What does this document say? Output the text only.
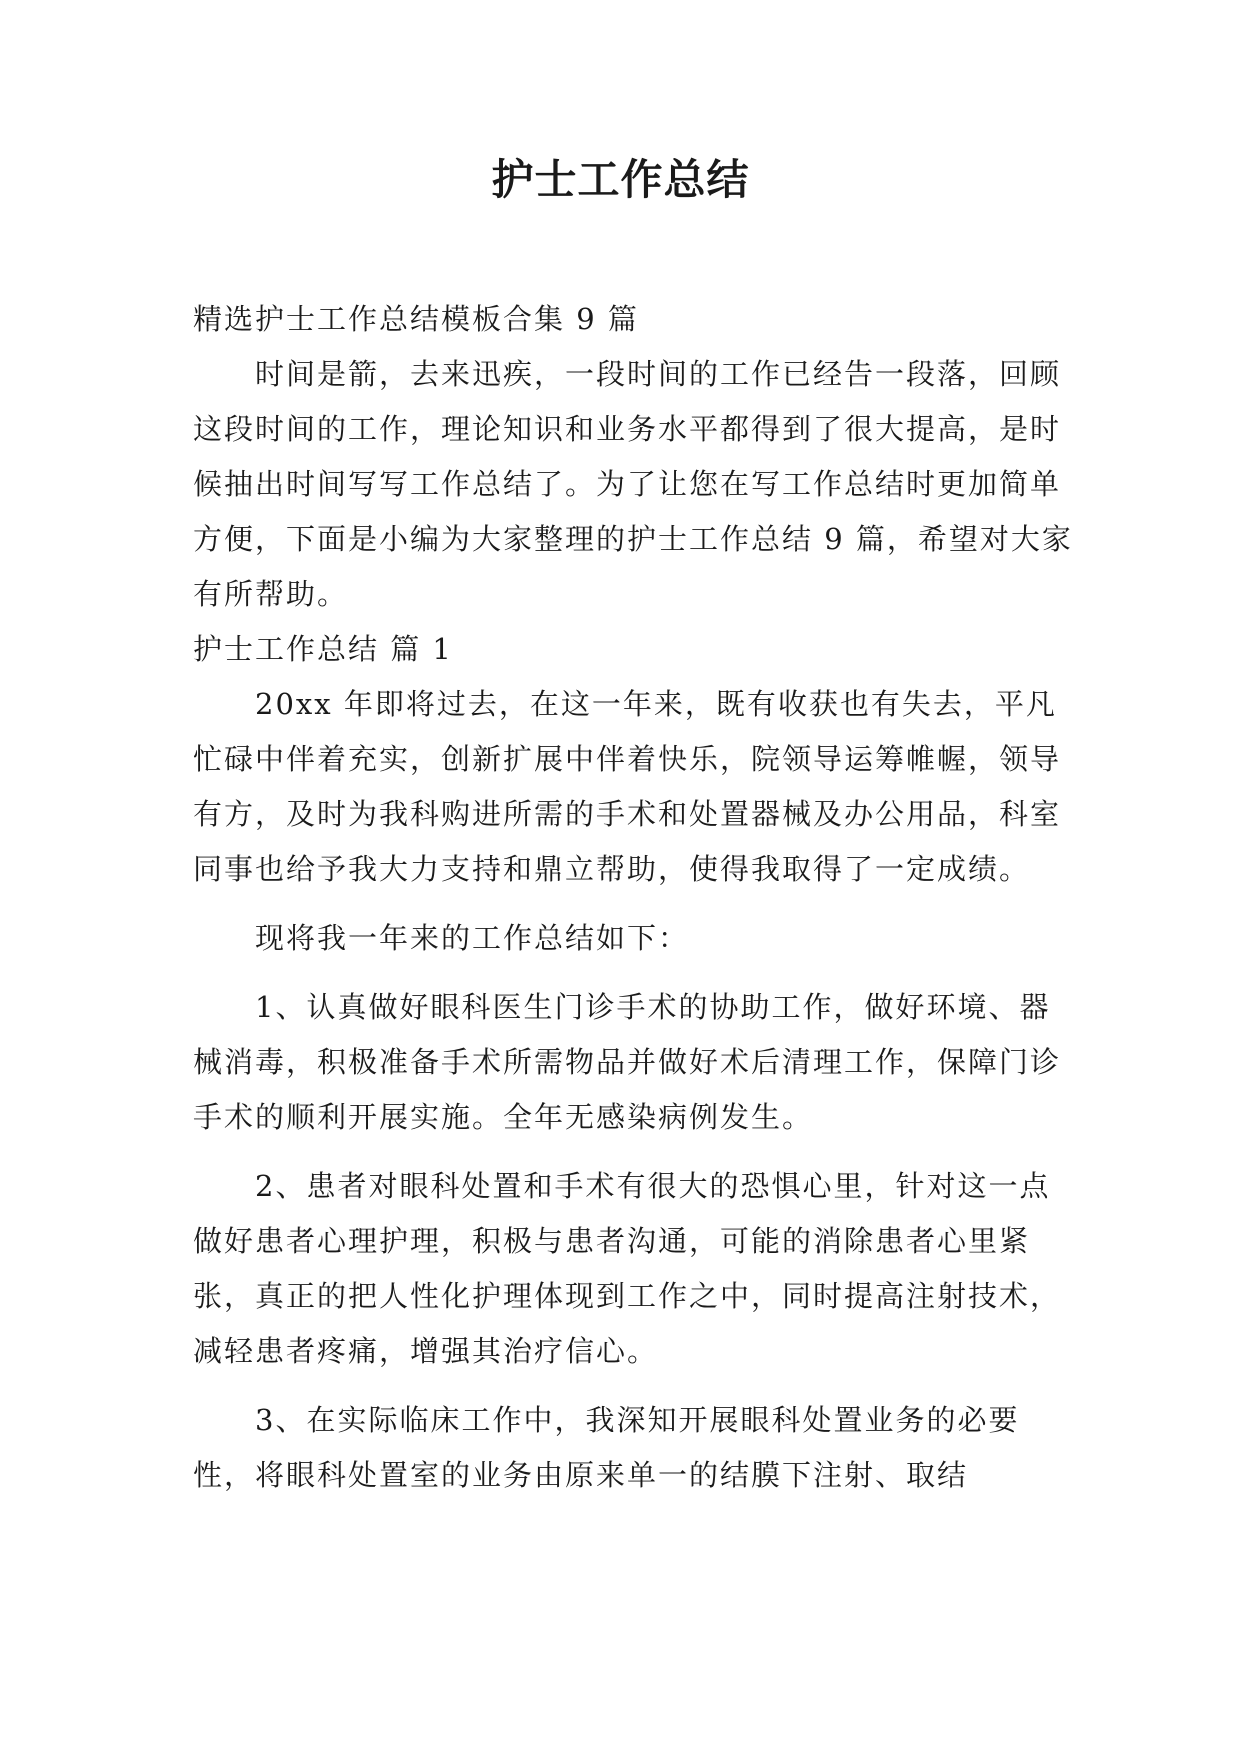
护士工作总结

精选护士工作总结模板合集 9 篇

时间是箭，去来迅疾，一段时间的工作已经告一段落，回顾这段时间的工作，理论知识和业务水平都得到了很大提高，是时候抽出时间写写工作总结了。为了让您在写工作总结时更加简单方便，下面是小编为大家整理的护士工作总结 9 篇，希望对大家有所帮助。

护士工作总结 篇 1

20xx 年即将过去，在这一年来，既有收获也有失去，平凡忙碌中伴着充实，创新扩展中伴着快乐，院领导运筹帷幄，领导有方，及时为我科购进所需的手术和处置器械及办公用品，科室同事也给予我大力支持和鼎立帮助，使得我取得了一定成绩。

现将我一年来的工作总结如下：

1、认真做好眼科医生门诊手术的协助工作，做好环境、器械消毒，积极准备手术所需物品并做好术后清理工作，保障门诊手术的顺利开展实施。全年无感染病例发生。

2、患者对眼科处置和手术有很大的恐惧心里，针对这一点做好患者心理护理，积极与患者沟通，可能的消除患者心里紧张，真正的把人性化护理体现到工作之中，同时提高注射技术，减轻患者疼痛，增强其治疗信心。

3、在实际临床工作中，我深知开展眼科处置业务的必要性，将眼科处置室的业务由原来单一的结膜下注射、取结
